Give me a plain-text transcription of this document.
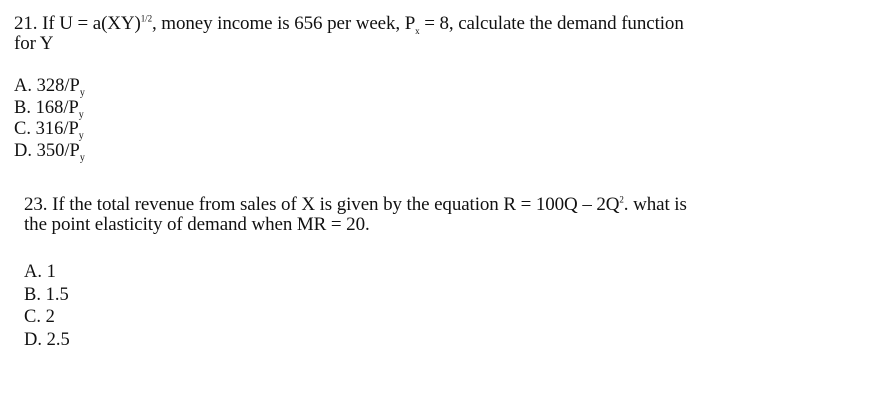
21. If U = a(XY)$^{1/2}$, money income is 656 per week, $P_x = 8$, calculate the demand function
for Y
A. $328/P_y$
B. $168/P_y$
C. $316/P_y$
D. $350/P_y$
23. If the total revenue from sales of X is given by the equation $R = 100Q - 2Q^2$. what is
the point elasticity of demand when MR = 20.
A. 1
B. 1.5
C. 2
D. 2.5
